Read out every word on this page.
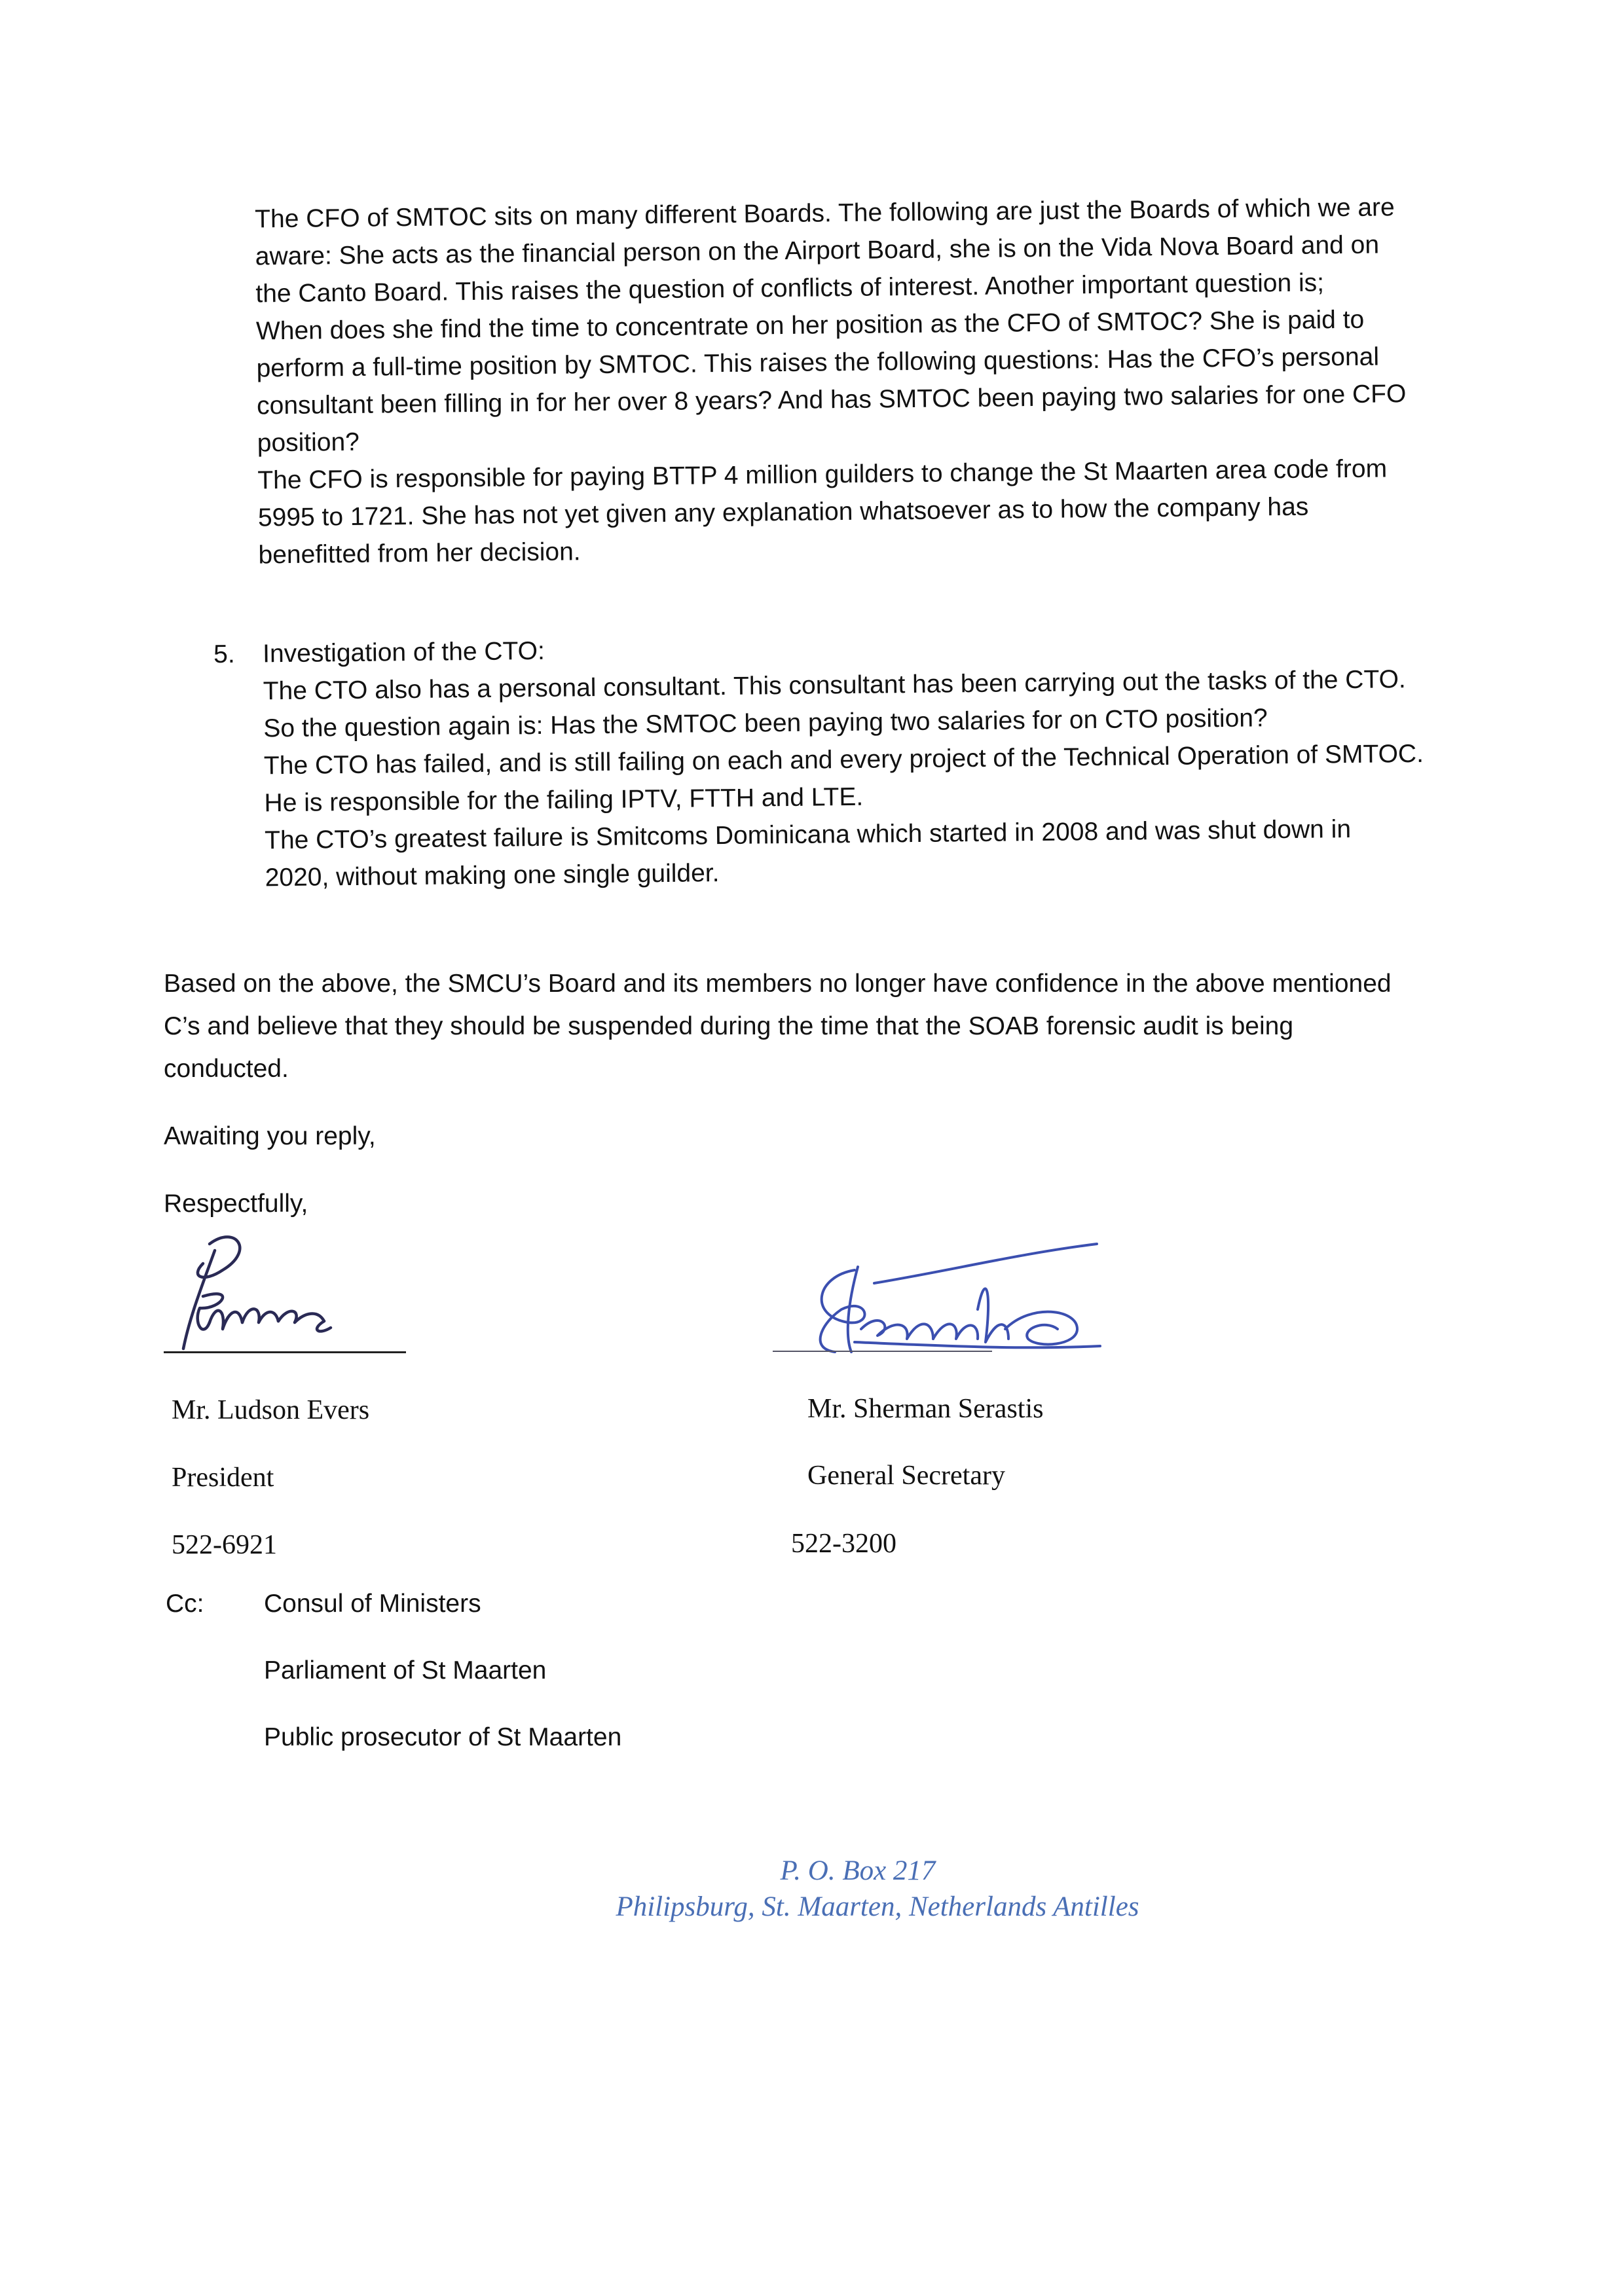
The CFO of SMTOC sits on many different Boards. The following are just the Boards of which we are
aware: She acts as the financial person on the Airport Board, she is on the Vida Nova Board and on
the Canto Board. This raises the question of conflicts of interest. Another important question is;
When does she find the time to concentrate on her position as the CFO of SMTOC? She is paid to
perform a full-time position by SMTOC. This raises the following questions: Has the CFO’s personal
consultant been filling in for her over 8 years? And has SMTOC been paying two salaries for one CFO
position?
The CFO is responsible for paying BTTP 4 million guilders to change the St Maarten area code from
5995 to 1721. She has not yet given any explanation whatsoever as to how the company has
benefitted from her decision.
5. Investigation of the CTO:
The CTO also has a personal consultant. This consultant has been carrying out the tasks of the CTO.
So the question again is: Has the SMTOC been paying two salaries for on CTO position?
The CTO has failed, and is still failing on each and every project of the Technical Operation of SMTOC.
He is responsible for the failing IPTV, FTTH and LTE.
The CTO’s greatest failure is Smitcoms Dominicana which started in 2008 and was shut down in
2020, without making one single guilder.
Based on the above, the SMCU’s Board and its members no longer have confidence in the above mentioned
C’s and believe that they should be suspended during the time that the SOAB forensic audit is being
conducted.
Awaiting you reply,
Respectfully,
Mr. Ludson Evers
President
522-6921
Mr. Sherman Serastis
General Secretary
522-3200
Cc: Consul of Ministers
Parliament of St Maarten
Public prosecutor of St Maarten
P. O. Box 217
Philipsburg, St. Maarten, Netherlands Antilles
